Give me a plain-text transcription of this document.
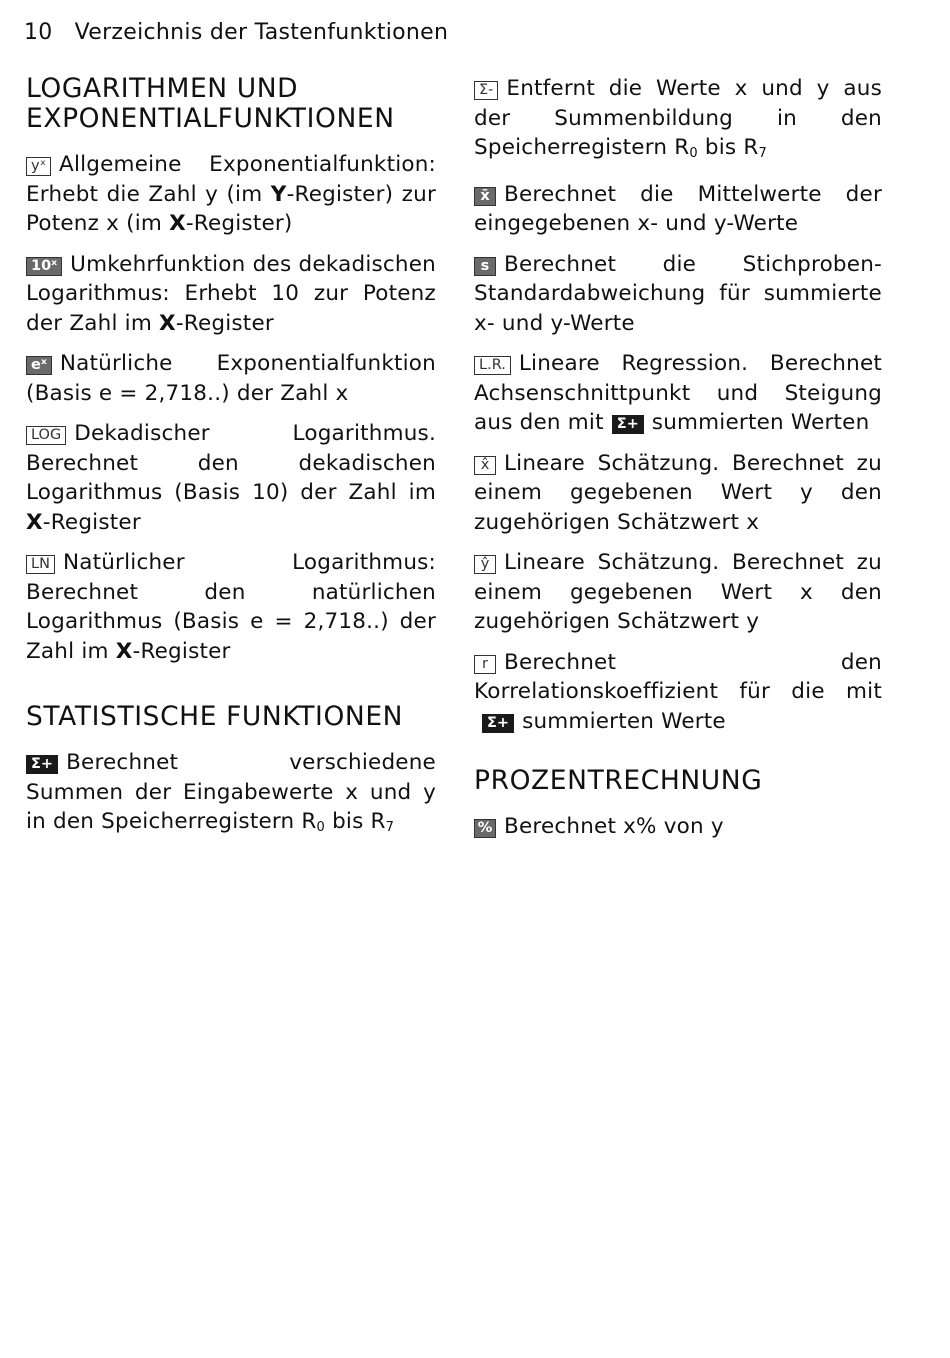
10 Verzeichnis der Tastenfunktionen
LOGARITHMEN UND EXPONENTIALFUNKTIONEN

yˣ Allgemeine Exponentialfunktion: Erhebt die Zahl y (im Y-Register) zur Potenz x (im X-Register)

10ˣ Umkehrfunktion des dekadischen Logarithmus: Erhebt 10 zur Potenz der Zahl im X-Register

eˣ Natürliche Exponentialfunktion (Basis e = 2,718..) der Zahl x

LOG Dekadischer Logarithmus. Berechnet den dekadischen Logarithmus (Basis 10) der Zahl im X-Register

LN Natürlicher Logarithmus: Berechnet den natürlichen Logarithmus (Basis e = 2,718..) der Zahl im X-Register

STATISTISCHE FUNKTIONEN

Σ+ Berechnet verschiedene Summen der Eingabewerte x und y in den Speicherregistern $R_0$ bis $R_7$

Σ- Entfernt die Werte x und y aus der Summenbildung in den Speicherregistern $R_0$ bis $R_7$

x̄ Berechnet die Mittelwerte der eingegebenen x- und y-Werte

s Berechnet die Stichproben-Standardabweichung für summierte x- und y-Werte

L.R. Lineare Regression. Berechnet Achsenschnittpunkt und Steigung aus den mit Σ+ summierten Werten

x̂ Lineare Schätzung. Berechnet zu einem gegebenen Wert y den zugehörigen Schätzwert x

ŷ Lineare Schätzung. Berechnet zu einem gegebenen Wert x den zugehörigen Schätzwert y

r Berechnet den Korrelationskoeffizient für die mitΣ+ summierten Werte

PROZENTRECHNUNG

% Berechnet x% von y
